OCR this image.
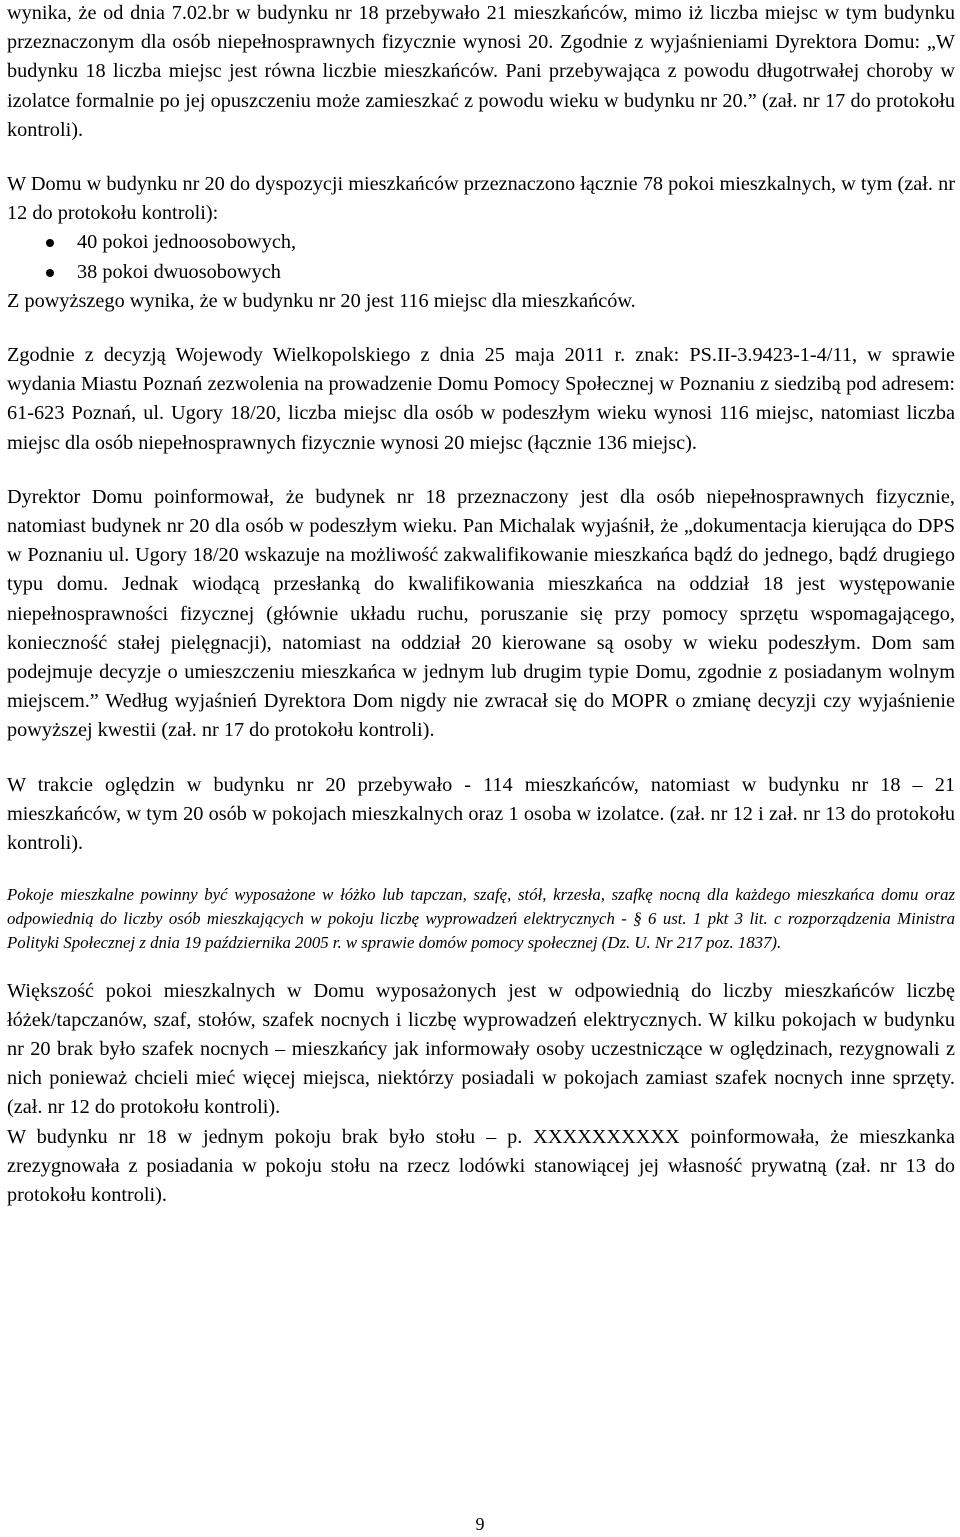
wynika, że od dnia 7.02.br w budynku nr 18 przebywało 21 mieszkańców, mimo iż liczba miejsc w tym budynku przeznaczonym dla osób niepełnosprawnych fizycznie wynosi 20. Zgodnie z wyjaśnieniami Dyrektora Domu: „W budynku 18 liczba miejsc jest równa liczbie mieszkańców. Pani przebywająca z powodu długotrwałej choroby w izolatce formalnie po jej opuszczeniu może zamieszkać z powodu wieku w budynku nr 20.” (zał. nr 17 do protokołu kontroli).

W Domu w budynku nr 20 do dyspozycji mieszkańców przeznaczono łącznie 78 pokoi mieszkalnych, w tym (zał. nr 12 do protokołu kontroli):

40 pokoi jednoosobowych,
38 pokoi dwuosobowych

Z powyższego wynika, że w budynku nr 20 jest 116 miejsc dla mieszkańców.

Zgodnie z decyzją Wojewody Wielkopolskiego z dnia 25 maja 2011 r. znak: PS.II-3.9423-1-4/11, w sprawie wydania Miastu Poznań zezwolenia na prowadzenie Domu Pomocy Społecznej w Poznaniu z siedzibą pod adresem: 61-623 Poznań, ul. Ugory 18/20, liczba miejsc dla osób w podeszłym wieku wynosi 116 miejsc, natomiast liczba miejsc dla osób niepełnosprawnych fizycznie wynosi 20 miejsc (łącznie 136 miejsc).

Dyrektor Domu poinformował, że budynek nr 18 przeznaczony jest dla osób niepełnosprawnych fizycznie, natomiast budynek nr 20 dla osób w podeszłym wieku. Pan Michalak wyjaśnił, że „dokumentacja kierująca do DPS w Poznaniu ul. Ugory 18/20 wskazuje na możliwość zakwalifikowanie mieszkańca bądź do jednego, bądź drugiego typu domu. Jednak wiodącą przesłanką do kwalifikowania mieszkańca na oddział 18 jest występowanie niepełnosprawności fizycznej (głównie układu ruchu, poruszanie się przy pomocy sprzętu wspomagającego, konieczność stałej pielęgnacji), natomiast na oddział 20 kierowane są osoby w wieku podeszłym. Dom sam podejmuje decyzje o umieszczeniu mieszkańca w jednym lub drugim typie Domu, zgodnie z posiadanym wolnym miejscem.” Według wyjaśnień Dyrektora Dom nigdy nie zwracał się do MOPR o zmianę decyzji czy wyjaśnienie powyższej kwestii (zał. nr 17 do protokołu kontroli).

W trakcie oględzin w budynku nr 20 przebywało - 114 mieszkańców, natomiast w budynku nr 18 – 21 mieszkańców, w tym 20 osób w pokojach mieszkalnych oraz 1 osoba w izolatce. (zał. nr 12 i zał. nr 13 do protokołu kontroli).

Pokoje mieszkalne powinny być wyposażone w łóżko lub tapczan, szafę, stół, krzesła, szafkę nocną dla każdego mieszkańca domu oraz odpowiednią do liczby osób mieszkających w pokoju liczbę wyprowadzeń elektrycznych - § 6 ust. 1 pkt 3 lit. c rozporządzenia Ministra Polityki Społecznej z dnia 19 października 2005 r. w sprawie domów pomocy społecznej (Dz. U. Nr 217 poz. 1837).

Większość pokoi mieszkalnych w Domu wyposażonych jest w odpowiednią do liczby mieszkańców liczbę łóżek/tapczanów, szaf, stołów, szafek nocnych i liczbę wyprowadzeń elektrycznych. W kilku pokojach w budynku nr 20 brak było szafek nocnych – mieszkańcy jak informowały osoby uczestniczące w oględzinach, rezygnowali z nich ponieważ chcieli mieć więcej miejsca, niektórzy posiadali w pokojach zamiast szafek nocnych inne sprzęty. (zał. nr 12 do protokołu kontroli).

W budynku nr 18 w jednym pokoju brak było stołu – p. XXXXXXXXXX poinformowała, że mieszkanka zrezygnowała z posiadania w pokoju stołu na rzecz lodówki stanowiącej jej własność prywatną (zał. nr 13 do protokołu kontroli).

9
